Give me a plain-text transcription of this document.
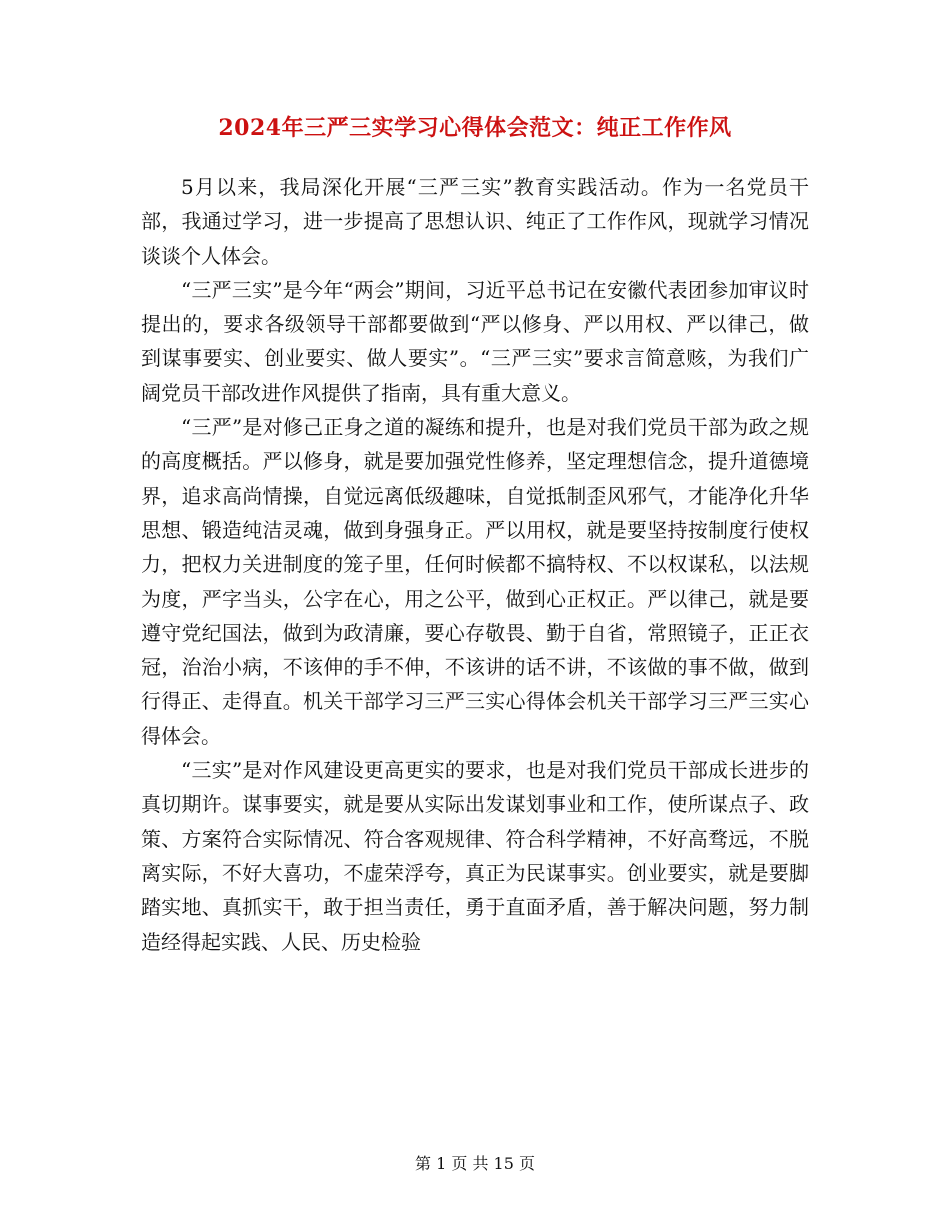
2024年三严三实学习心得体会范文：纯正工作作风

5月以来，我局深化开展“三严三实”教育实践活动。作为一名党员干部，我通过学习，进一步提高了思想认识、纯正了工作作风，现就学习情况谈谈个人体会。

“三严三实”是今年“两会”期间，习近平总书记在安徽代表团参加审议时提出的，要求各级领导干部都要做到“严以修身、严以用权、严以律己，做到谋事要实、创业要实、做人要实”。“三严三实”要求言简意赅，为我们广阔党员干部改进作风提供了指南，具有重大意义。

“三严”是对修己正身之道的凝练和提升，也是对我们党员干部为政之规的高度概括。严以修身，就是要加强党性修养，坚定理想信念，提升道德境界，追求高尚情操，自觉远离低级趣味，自觉抵制歪风邪气，才能净化升华思想、锻造纯洁灵魂，做到身强身正。严以用权，就是要坚持按制度行使权力，把权力关进制度的笼子里，任何时候都不搞特权、不以权谋私，以法规为度，严字当头，公字在心，用之公平，做到心正权正。严以律己，就是要遵守党纪国法，做到为政清廉，要心存敬畏、勤于自省，常照镜子，正正衣冠，治治小病，不该伸的手不伸，不该讲的话不讲，不该做的事不做，做到行得正、走得直。机关干部学习三严三实心得体会机关干部学习三严三实心得体会。

“三实”是对作风建设更高更实的要求，也是对我们党员干部成长进步的真切期许。谋事要实，就是要从实际出发谋划事业和工作，使所谋点子、政策、方案符合实际情况、符合客观规律、符合科学精神，不好高骛远，不脱离实际，不好大喜功，不虚荣浮夸，真正为民谋事实。创业要实，就是要脚踏实地、真抓实干，敢于担当责任，勇于直面矛盾，善于解决问题，努力制造经得起实践、人民、历史检验

第 1 页 共 15 页
